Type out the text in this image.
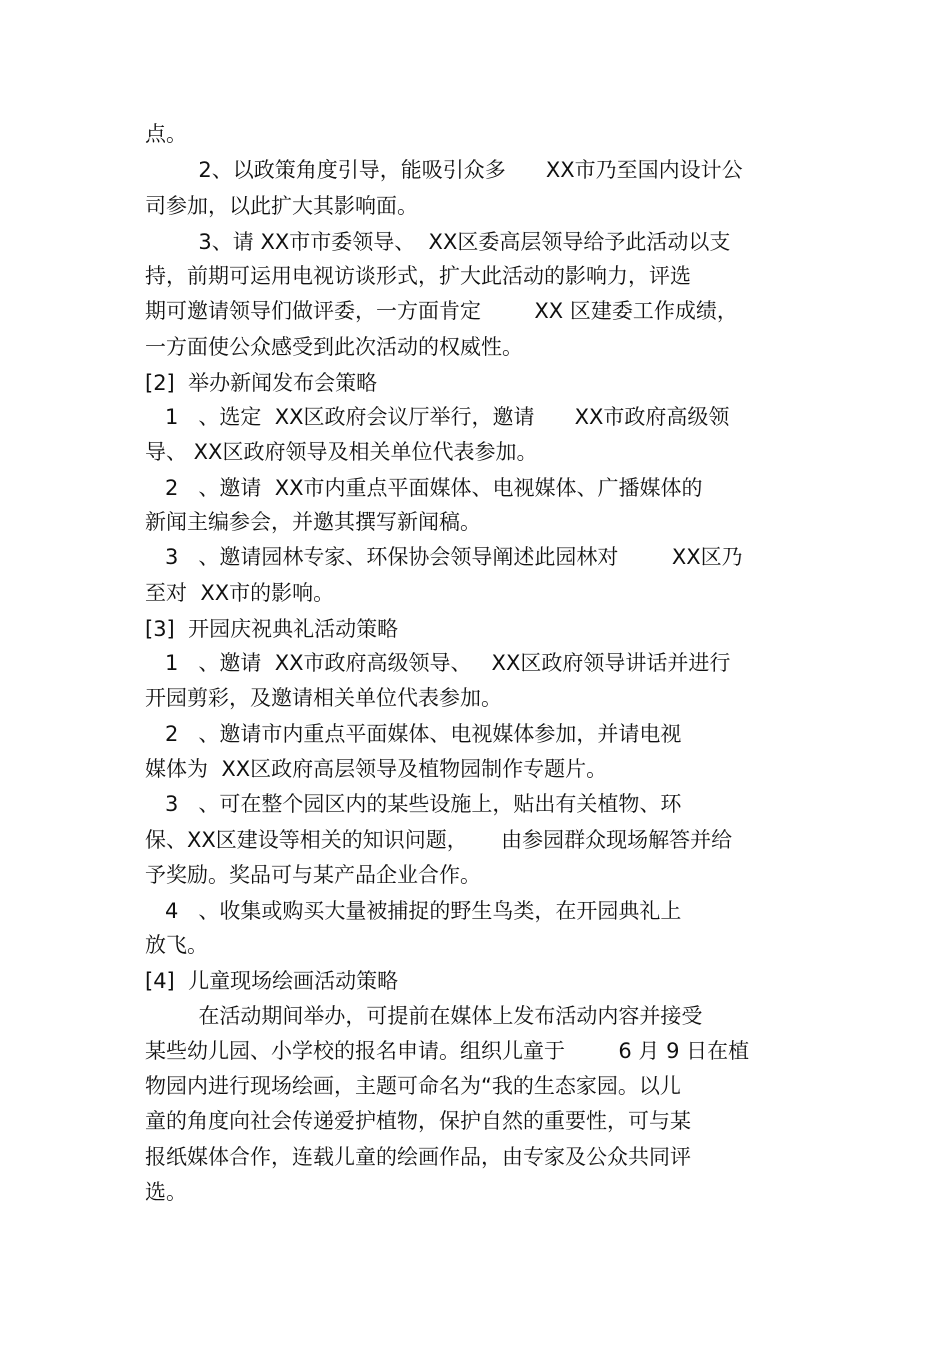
点。
2、以政策角度引导，能吸引众多      XX市乃至国内设计公
司参加，以此扩大其影响面。
3、请 XX市市委领导、  XX区委高层领导给予此活动以支
持，前期可运用电视访谈形式，扩大此活动的影响力，评选
期可邀请领导们做评委，一方面肯定        XX 区建委工作成绩，
一方面使公众感受到此次活动的权威性。
[2]  举办新闻发布会策略
1   、选定  XX区政府会议厅举行，邀请      XX市政府高级领
导、 XX区政府领导及相关单位代表参加。
2   、邀请  XX市内重点平面媒体、电视媒体、广播媒体的
新闻主编参会，并邀其撰写新闻稿。
3   、邀请园林专家、环保协会领导阐述此园林对        XX区乃
至对  XX市的影响。
[3]  开园庆祝典礼活动策略
1   、邀请  XX市政府高级领导、   XX区政府领导讲话并进行
开园剪彩，及邀请相关单位代表参加。
2   、邀请市内重点平面媒体、电视媒体参加，并请电视
媒体为  XX区政府高层领导及植物园制作专题片。
3   、可在整个园区内的某些设施上，贴出有关植物、环
保、XX区建设等相关的知识问题，     由参园群众现场解答并给
予奖励。奖品可与某产品企业合作。
4   、收集或购买大量被捕捉的野生鸟类，在开园典礼上
放飞。
[4]  儿童现场绘画活动策略
在活动期间举办，可提前在媒体上发布活动内容并接受
某些幼儿园、小学校的报名申请。组织儿童于        6 月 9 日在植
物园内进行现场绘画，主题可命名为“我的生态家园。以儿
童的角度向社会传递爱护植物，保护自然的重要性，可与某
报纸媒体合作，连载儿童的绘画作品，由专家及公众共同评
选。
